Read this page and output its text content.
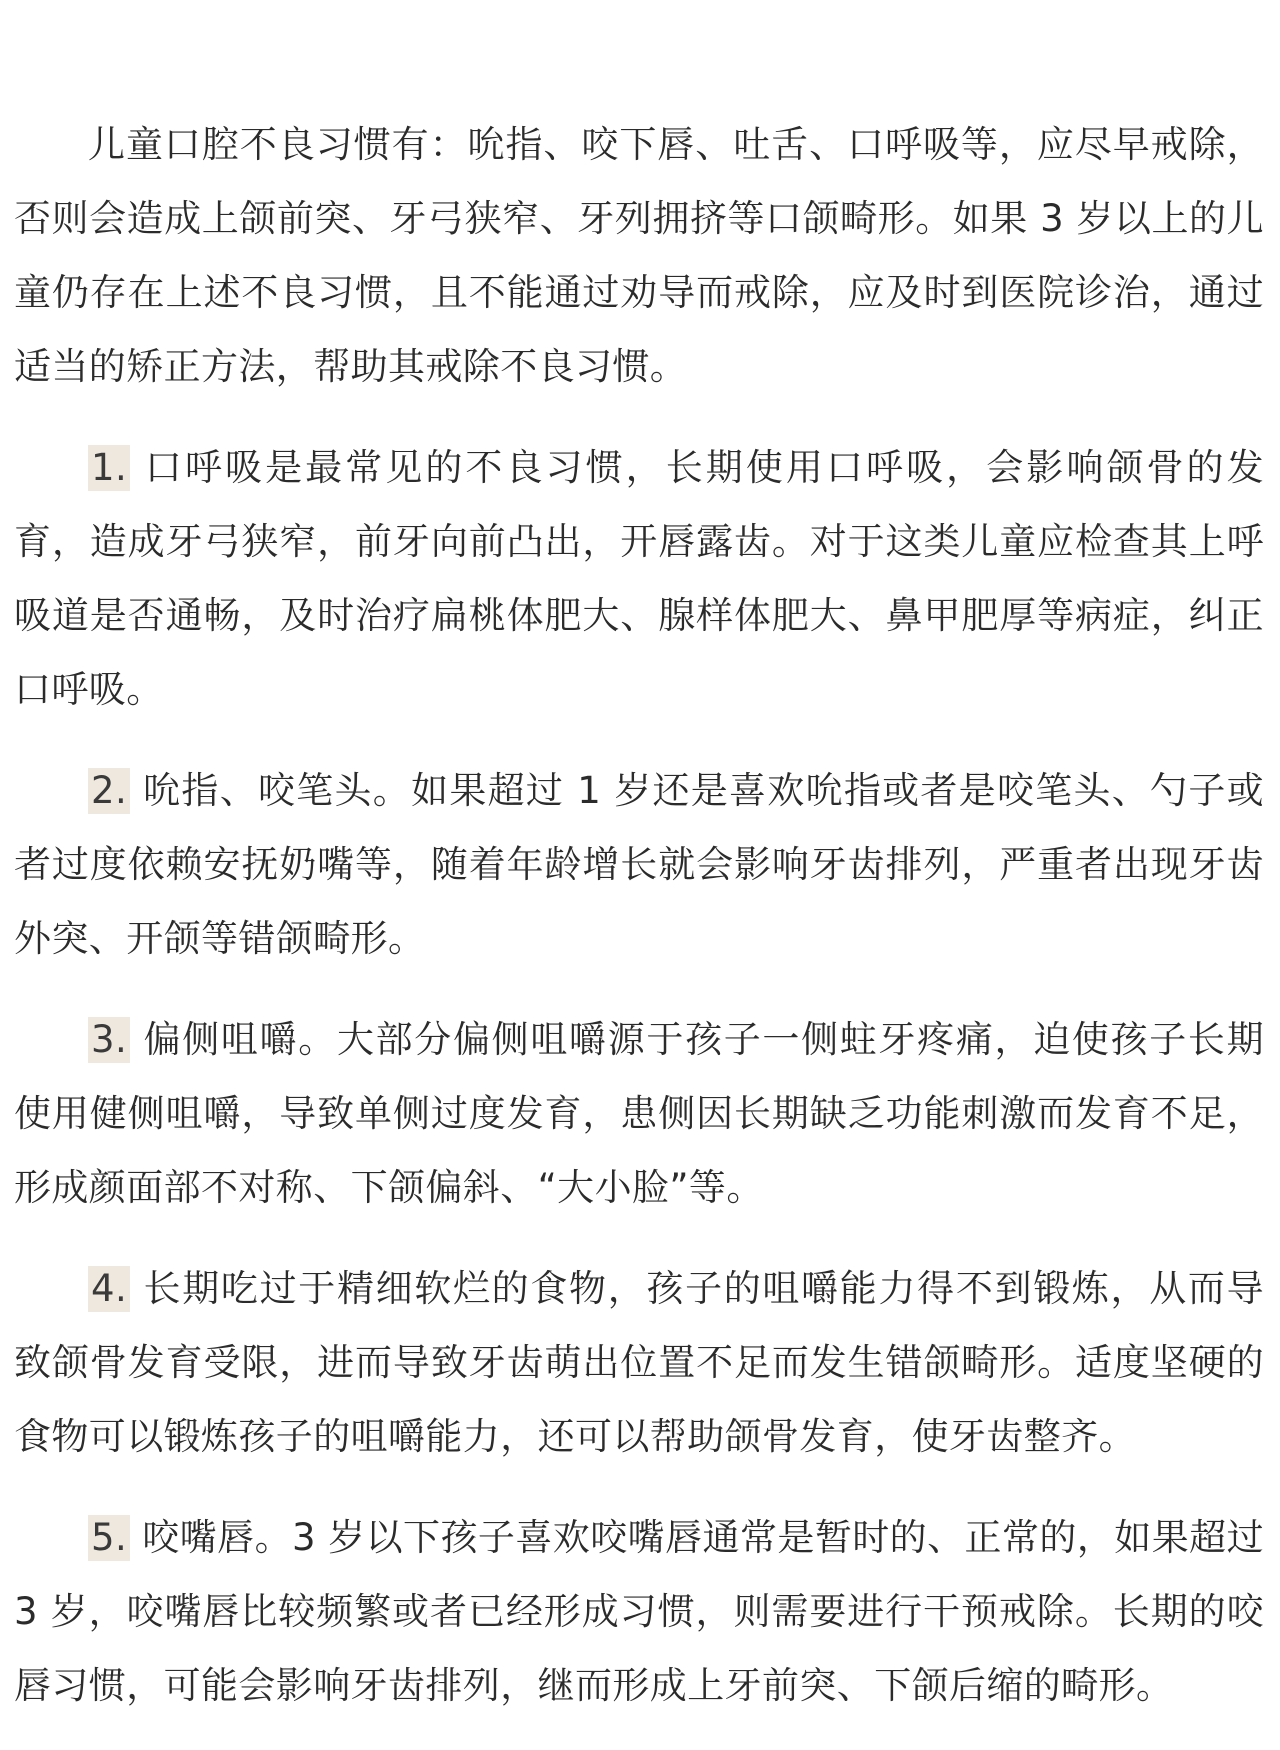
儿童口腔不良习惯有：吮指、咬下唇、吐舌、口呼吸等，应尽早戒除，否则会造成上颌前突、牙弓狭窄、牙列拥挤等口颌畸形。如果 3 岁以上的儿童仍存在上述不良习惯，且不能通过劝导而戒除，应及时到医院诊治，通过适当的矫正方法，帮助其戒除不良习惯。

1. 口呼吸是最常见的不良习惯，长期使用口呼吸，会影响颌骨的发育，造成牙弓狭窄，前牙向前凸出，开唇露齿。对于这类儿童应检查其上呼吸道是否通畅，及时治疗扁桃体肥大、腺样体肥大、鼻甲肥厚等病症，纠正口呼吸。

2. 吮指、咬笔头。如果超过 1 岁还是喜欢吮指或者是咬笔头、勺子或者过度依赖安抚奶嘴等，随着年龄增长就会影响牙齿排列，严重者出现牙齿外突、开颌等错颌畸形。

3. 偏侧咀嚼。大部分偏侧咀嚼源于孩子一侧蛀牙疼痛，迫使孩子长期使用健侧咀嚼，导致单侧过度发育，患侧因长期缺乏功能刺激而发育不足，形成颜面部不对称、下颌偏斜、“大小脸”等。

4. 长期吃过于精细软烂的食物，孩子的咀嚼能力得不到锻炼，从而导致颌骨发育受限，进而导致牙齿萌出位置不足而发生错颌畸形。适度坚硬的食物可以锻炼孩子的咀嚼能力，还可以帮助颌骨发育，使牙齿整齐。

5. 咬嘴唇。3 岁以下孩子喜欢咬嘴唇通常是暂时的、正常的，如果超过 3 岁，咬嘴唇比较频繁或者已经形成习惯，则需要进行干预戒除。长期的咬唇习惯，可能会影响牙齿排列，继而形成上牙前突、下颌后缩的畸形。
